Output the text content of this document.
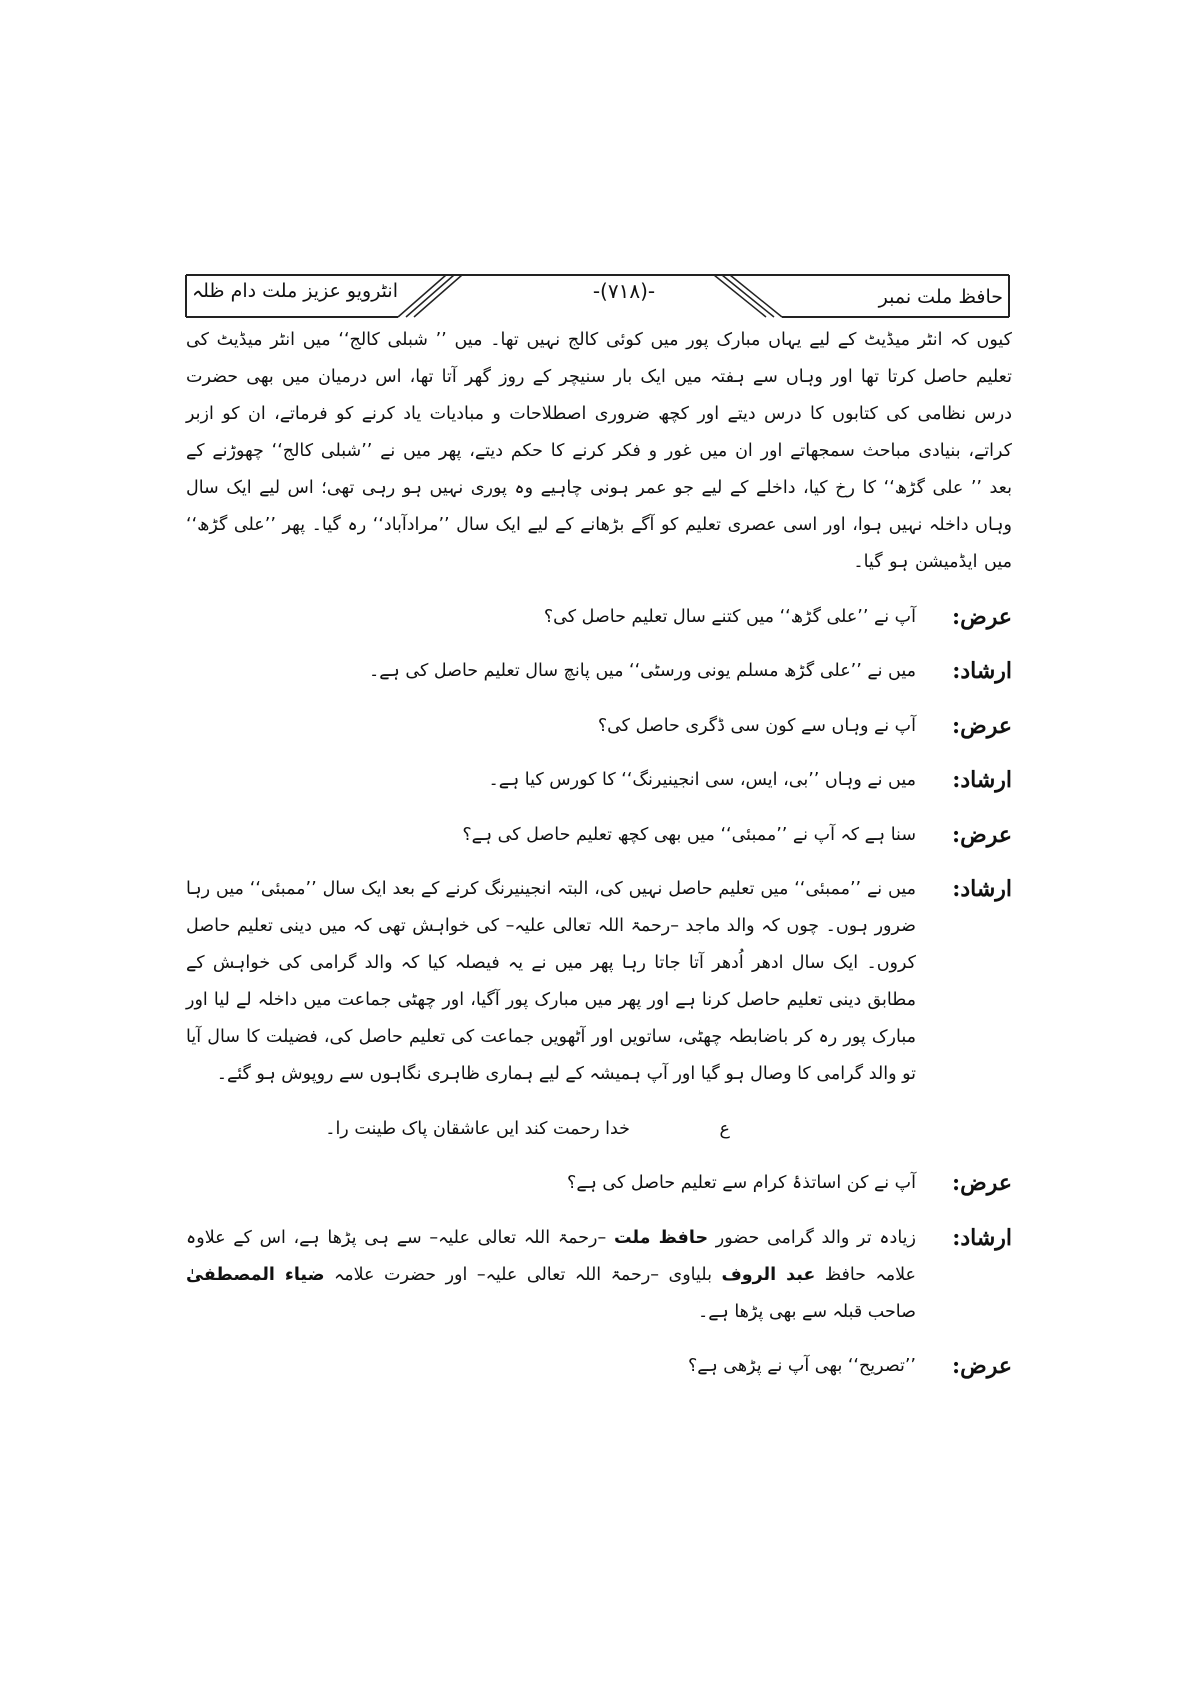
حافظ ملت نمبر
-(۷۱۸)-
انٹرویو عزیز ملت دام ظلہ

کیوں کہ انٹر میڈیٹ کے لیے یہاں مبارک پور میں کوئی کالج نہیں تھا۔ میں ’’ شبلی کالج‘‘ میں انٹر میڈیٹ کی تعلیم حاصل کرتا تھا اور وہاں سے ہفتہ میں ایک بار سنیچر کے روز گھر آتا تھا، اس درمیان میں بھی حضرت درس نظامی کی کتابوں کا درس دیتے اور کچھ ضروری اصطلاحات و مبادیات یاد کرنے کو فرماتے، ان کو ازبر کراتے، بنیادی مباحث سمجھاتے اور ان میں غور و فکر کرنے کا حکم دیتے، پھر میں نے ’’شبلی کالج‘‘ چھوڑنے کے بعد ’’ علی گڑھ‘‘ کا رخ کیا، داخلے کے لیے جو عمر ہونی چاہیے وہ پوری نہیں ہو رہی تھی؛ اس لیے ایک سال وہاں داخلہ نہیں ہوا، اور اسی عصری تعلیم کو آگے بڑھانے کے لیے ایک سال ’’مرادآباد‘‘ رہ گیا۔ پھر ’’علی گڑھ‘‘ میں ایڈمیشن ہو گیا۔

عرض:

آپ نے ’’علی گڑھ‘‘ میں کتنے سال تعلیم حاصل کی؟

ارشاد:

میں نے ’’علی گڑھ مسلم یونی ورسٹی‘‘ میں پانچ سال تعلیم حاصل کی ہے۔

عرض:

آپ نے وہاں سے کون سی ڈگری حاصل کی؟

ارشاد:

میں نے وہاں ’’بی، ایس، سی انجینیرنگ‘‘ کا کورس کیا ہے۔

عرض:

سنا ہے کہ آپ نے ’’ممبئی‘‘ میں بھی کچھ تعلیم حاصل کی ہے؟

ارشاد:

میں نے ’’ممبئی‘‘ میں تعلیم حاصل نہیں کی، البتہ انجینیرنگ کرنے کے بعد ایک سال ’’ممبئی‘‘ میں رہا ضرور ہوں۔ چوں کہ والد ماجد –رحمۃ اللہ تعالی علیہ– کی خواہش تھی کہ میں دینی تعلیم حاصل کروں۔ ایک سال ادھر اُدھر آتا جاتا رہا پھر میں نے یہ فیصلہ کیا کہ والد گرامی کی خواہش کے مطابق دینی تعلیم حاصل کرنا ہے اور پھر میں مبارک پور آگیا، اور چھٹی جماعت میں داخلہ لے لیا اور مبارک پور رہ کر باضابطہ چھٹی، ساتویں اور آٹھویں جماعت کی تعلیم حاصل کی، فضیلت کا سال آیا تو والد گرامی کا وصال ہو گیا اور آپ ہمیشہ کے لیے ہماری ظاہری نگاہوں سے روپوش ہو گئے۔

ع
خدا رحمت کند ایں عاشقان پاک طینت را۔
عرض:

آپ نے کن اساتذۂ کرام سے تعلیم حاصل کی ہے؟

ارشاد:

زیادہ تر والد گرامی حضور حافظ ملت –رحمۃ اللہ تعالی علیہ– سے ہی پڑھا ہے، اس کے علاوہ علامہ حافظ عبد الروف بلیاوی –رحمۃ اللہ تعالی علیہ– اور حضرت علامہ ضیاء المصطفیٰ صاحب قبلہ سے بھی پڑھا ہے۔

عرض:

’’تصریح‘‘ بھی آپ نے پڑھی ہے؟
